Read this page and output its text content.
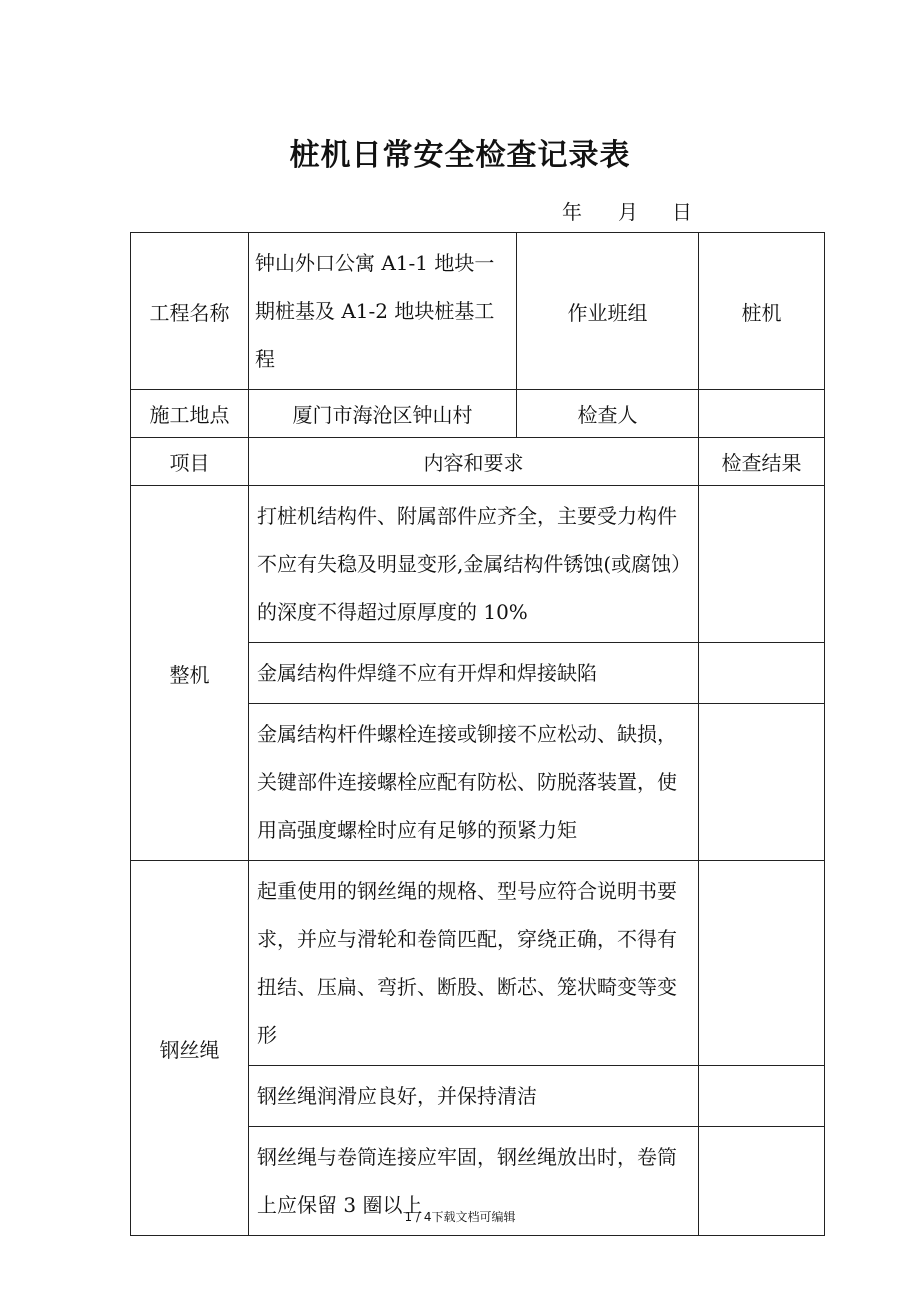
桩机日常安全检查记录表
年 月 日
工程名称	钟山外口公寓 A1-1 地块一期桩基及 A1-2 地块桩基工程	作业班组	桩机
施工地点	厦门市海沧区钟山村	检查人	
项目	内容和要求		检查结果
整机	打桩机结构件、附属部件应齐全，主要受力构件不应有失稳及明显变形,金属结构件锈蚀(或腐蚀）的深度不得超过原厚度的 10%		
	金属结构件焊缝不应有开焊和焊接缺陷		
	金属结构杆件螺栓连接或铆接不应松动、缺损，关键部件连接螺栓应配有防松、防脱落装置，使用高强度螺栓时应有足够的预紧力矩		
钢丝绳	起重使用的钢丝绳的规格、型号应符合说明书要求，并应与滑轮和卷筒匹配，穿绕正确，不得有扭结、压扁、弯折、断股、断芯、笼状畸变等变形		
	钢丝绳润滑应良好，并保持清洁		
	钢丝绳与卷筒连接应牢固，钢丝绳放出时，卷筒上应保留 3 圈以上		
1 / 4下载文档可编辑
